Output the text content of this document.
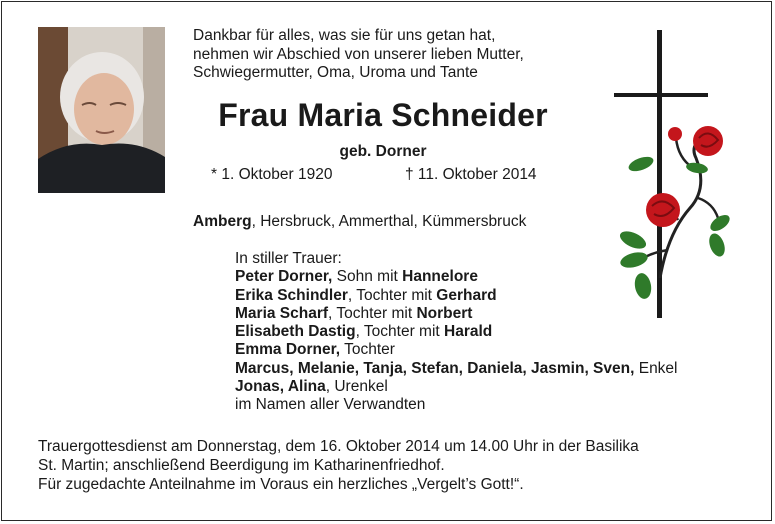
Dankbar für alles, was sie für uns getan hat,
nehmen wir Abschied von unserer lieben Mutter,
Schwiegermutter, Oma, Uroma und Tante
Frau Maria Schneider
geb. Dorner
* 1. Oktober 1920	† 11. Oktober 2014
Amberg, Hersbruck, Ammerthal, Kümmersbruck
In stiller Trauer:
Peter Dorner, Sohn mit Hannelore
Erika Schindler, Tochter mit Gerhard
Maria Scharf, Tochter mit Norbert
Elisabeth Dastig, Tochter mit Harald
Emma Dorner, Tochter
Marcus, Melanie, Tanja, Stefan, Daniela, Jasmin, Sven, Enkel
Jonas, Alina, Urenkel
im Namen aller Verwandten
Trauergottesdienst am Donnerstag, dem 16. Oktober 2014 um 14.00 Uhr in der Basilika
St. Martin; anschließend Beerdigung im Katharinenfriedhof.
Für zugedachte Anteilnahme im Voraus ein herzliches „Vergelt’s Gott!“.
